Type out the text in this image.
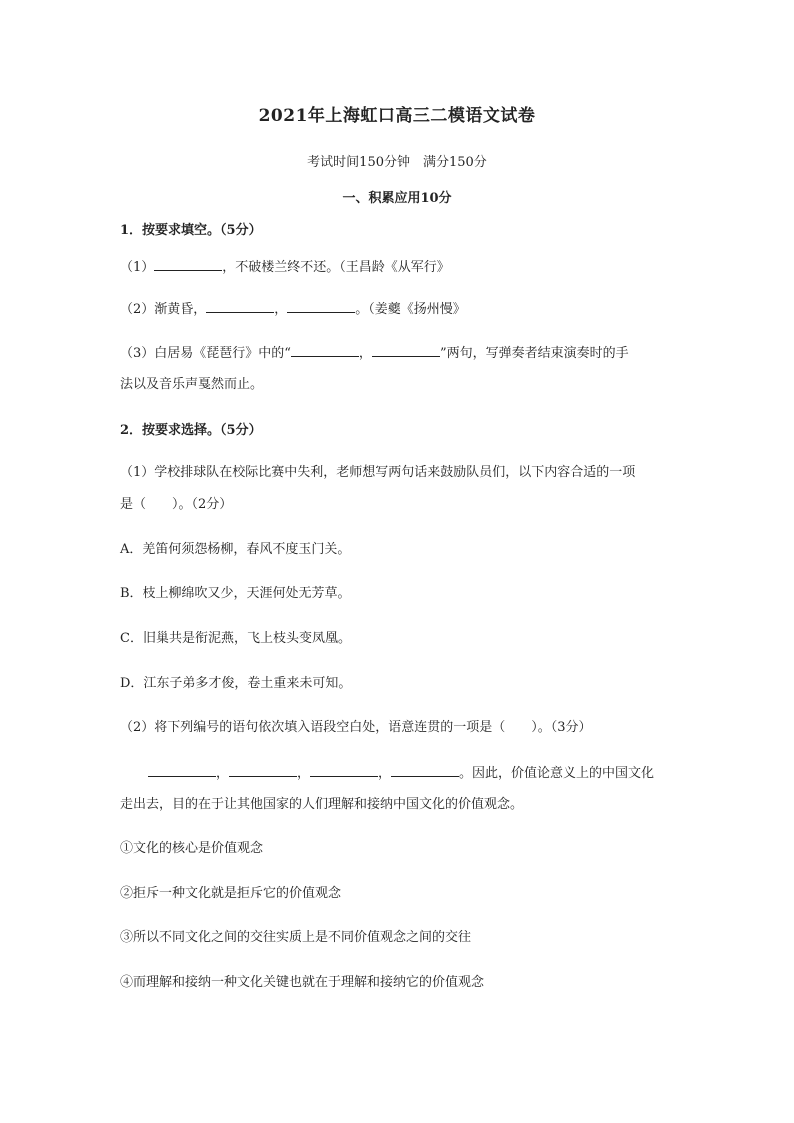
2021年上海虹口高三二模语文试卷
考试时间150分钟　满分150分
一、积累应用10分
1．按要求填空。（5分）
（1）	，不破楼兰终不还。（王昌龄《从军行》
（2）渐黄昏，	，	。（姜夔《扬州慢》
（3）白居易《琵琶行》中的“	，	”两句，写弹奏者结束演奏时的手
法以及音乐声戛然而止。
2．按要求选择。（5分）
（1）学校排球队在校际比赛中失利，老师想写两句话来鼓励队员们，以下内容合适的一项
是（　　）。（2分）
A．羌笛何须怨杨柳，春风不度玉门关。
B．枝上柳绵吹又少，天涯何处无芳草。
C．旧巢共是衔泥燕，飞上枝头变凤凰。
D．江东子弟多才俊，卷土重来未可知。
（2）将下列编号的语句依次填入语段空白处，语意连贯的一项是（　　）。（3分）
，	，	，	。因此，价值论意义上的中国文化
走出去，目的在于让其他国家的人们理解和接纳中国文化的价值观念。
①文化的核心是价值观念
②拒斥一种文化就是拒斥它的价值观念
③所以不同文化之间的交往实质上是不同价值观念之间的交往
④而理解和接纳一种文化关键也就在于理解和接纳它的价值观念
